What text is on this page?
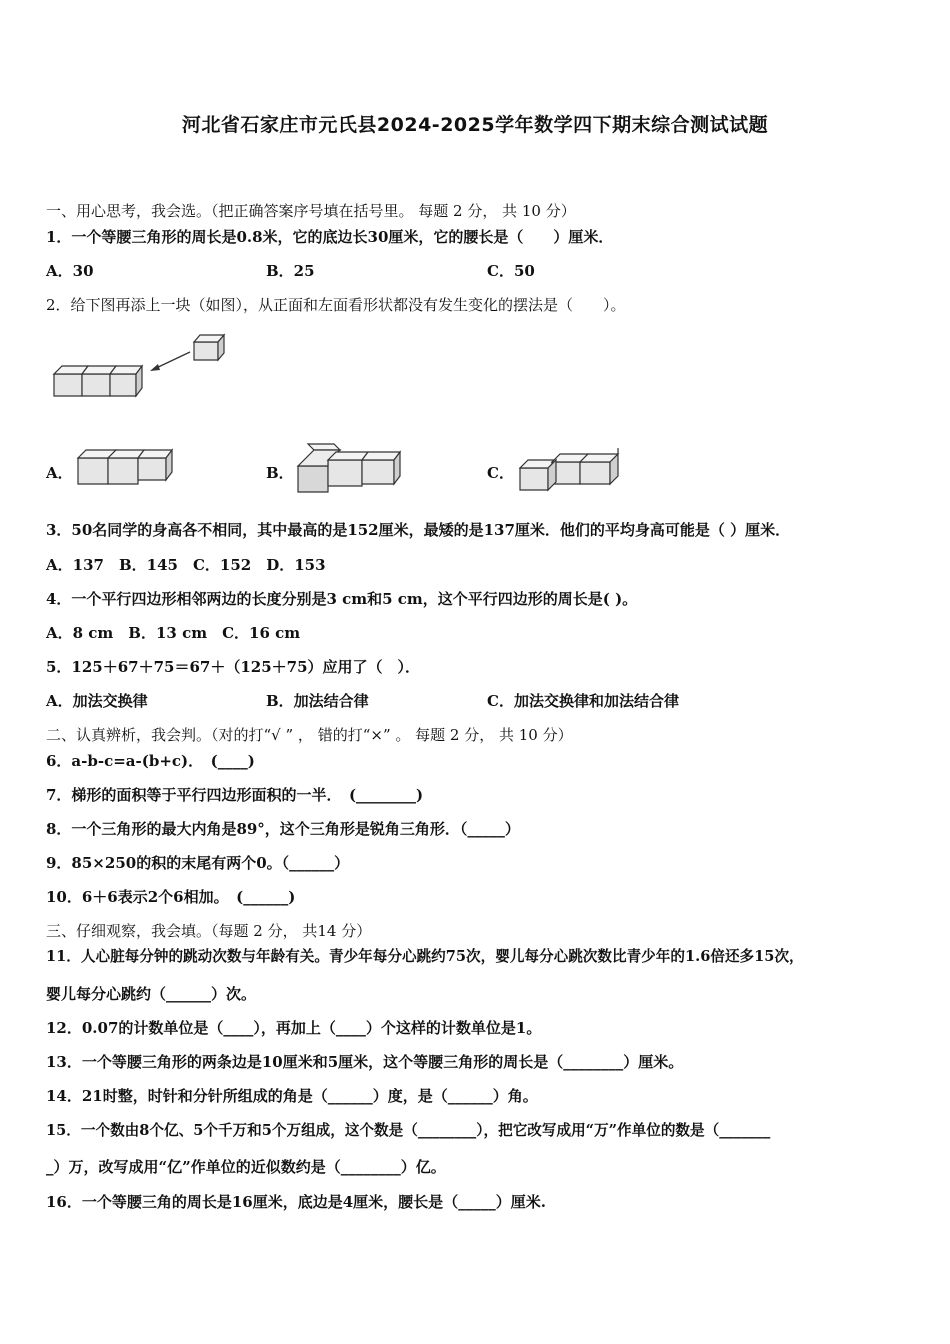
河北省石家庄市元氏县2024-2025学年数学四下期末综合测试试题
一、用心思考，我会选。（把正确答案序号填在括号里。 每题 2 分， 共 10 分）
1．一个等腰三角形的周长是0.8米，它的底边长30厘米，它的腰长是（　　）厘米．
A．30	B．25	C．50
2．给下图再添上一块（如图），从正面和左面看形状都没有发生变化的摆法是（　　）。
A．	B．	C．
3．50名同学的身高各不相同，其中最高的是152厘米，最矮的是137厘米．他们的平均身高可能是（ ）厘米．
A．137　B．145　C．152　D．153
4．一个平行四边形相邻两边的长度分别是3 cm和5 cm，这个平行四边形的周长是( )。
A．8 cm　B．13 cm　C．16 cm
5．125＋67＋75＝67＋（125＋75）应用了（　）．
A．加法交换律	B．加法结合律	C．加法交换律和加法结合律
二、认真辨析，我会判。（对的打“√ ” ， 错的打“×” 。 每题 2 分， 共 10 分）
6．a-b-c=a-(b+c)．　(____)
7．梯形的面积等于平行四边形面积的一半．　(________)
8．一个三角形的最大内角是89°，这个三角形是锐角三角形．（_____）
9．85×250的积的末尾有两个0。（______）
10．6＋6表示2个6相加。　(______)
三、仔细观察，我会填。（每题 2 分， 共14 分）
11．人心脏每分钟的跳动次数与年龄有关。青少年每分心跳约75次，婴儿每分心跳次数比青少年的1.6倍还多15次，
婴儿每分心跳约（______）次。
12．0.07的计数单位是（____），再加上（____）个这样的计数单位是1。
13．一个等腰三角形的两条边是10厘米和5厘米，这个等腰三角形的周长是（________）厘米。
14．21时整，时针和分针所组成的角是（______）度，是（______）角。
15．一个数由8个亿、5个千万和5个万组成，这个数是（________），把它改写成用“万”作单位的数是（_______
_）万，改写成用“亿”作单位的近似数约是（________）亿。
16．一个等腰三角的周长是16厘米，底边是4厘米，腰长是（_____）厘米.
